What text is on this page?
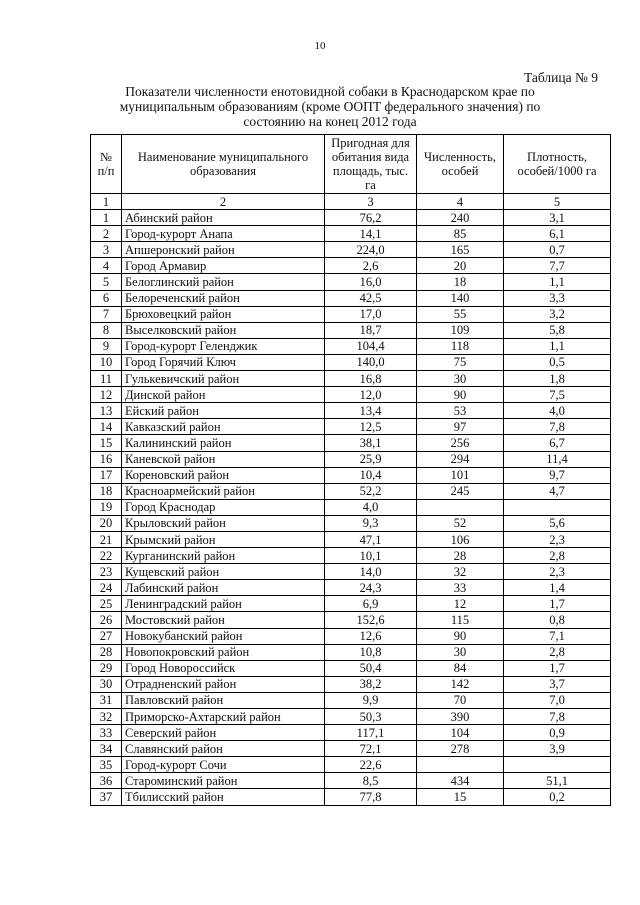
10
Таблица № 9
Показатели численности енотовидной собаки в Краснодарском крае по муниципальным образованиям (кроме ООПТ федерального значения) по состоянию на конец 2012 года
№ п/п	Наименование муниципального образования	Пригодная для обитания вида площадь, тыс. га	Численность, особей	Плотность, особей/1000 га
1	2	3	4	5
1	Абинский район	76,2	240	3,1
2	Город-курорт Анапа	14,1	85	6,1
3	Апшеронский район	224,0	165	0,7
4	Город Армавир	2,6	20	7,7
5	Белоглинский район	16,0	18	1,1
6	Белореченский район	42,5	140	3,3
7	Брюховецкий район	17,0	55	3,2
8	Выселковский район	18,7	109	5,8
9	Город-курорт Геленджик	104,4	118	1,1
10	Город Горячий Ключ	140,0	75	0,5
11	Гулькевичский район	16,8	30	1,8
12	Динской район	12,0	90	7,5
13	Ейский район	13,4	53	4,0
14	Кавказский район	12,5	97	7,8
15	Калининский район	38,1	256	6,7
16	Каневской район	25,9	294	11,4
17	Кореновский район	10,4	101	9,7
18	Красноармейский район	52,2	245	4,7
19	Город Краснодар	4,0		
20	Крыловский район	9,3	52	5,6
21	Крымский район	47,1	106	2,3
22	Курганинский район	10,1	28	2,8
23	Кущевский район	14,0	32	2,3
24	Лабинский район	24,3	33	1,4
25	Ленинградский район	6,9	12	1,7
26	Мостовский район	152,6	115	0,8
27	Новокубанский район	12,6	90	7,1
28	Новопокровский район	10,8	30	2,8
29	Город Новороссийск	50,4	84	1,7
30	Отрадненский район	38,2	142	3,7
31	Павловский район	9,9	70	7,0
32	Приморско-Ахтарский район	50,3	390	7,8
33	Северский район	117,1	104	0,9
34	Славянский район	72,1	278	3,9
35	Город-курорт Сочи	22,6		
36	Староминский район	8,5	434	51,1
37	Тбилисский район	77,8	15	0,2
